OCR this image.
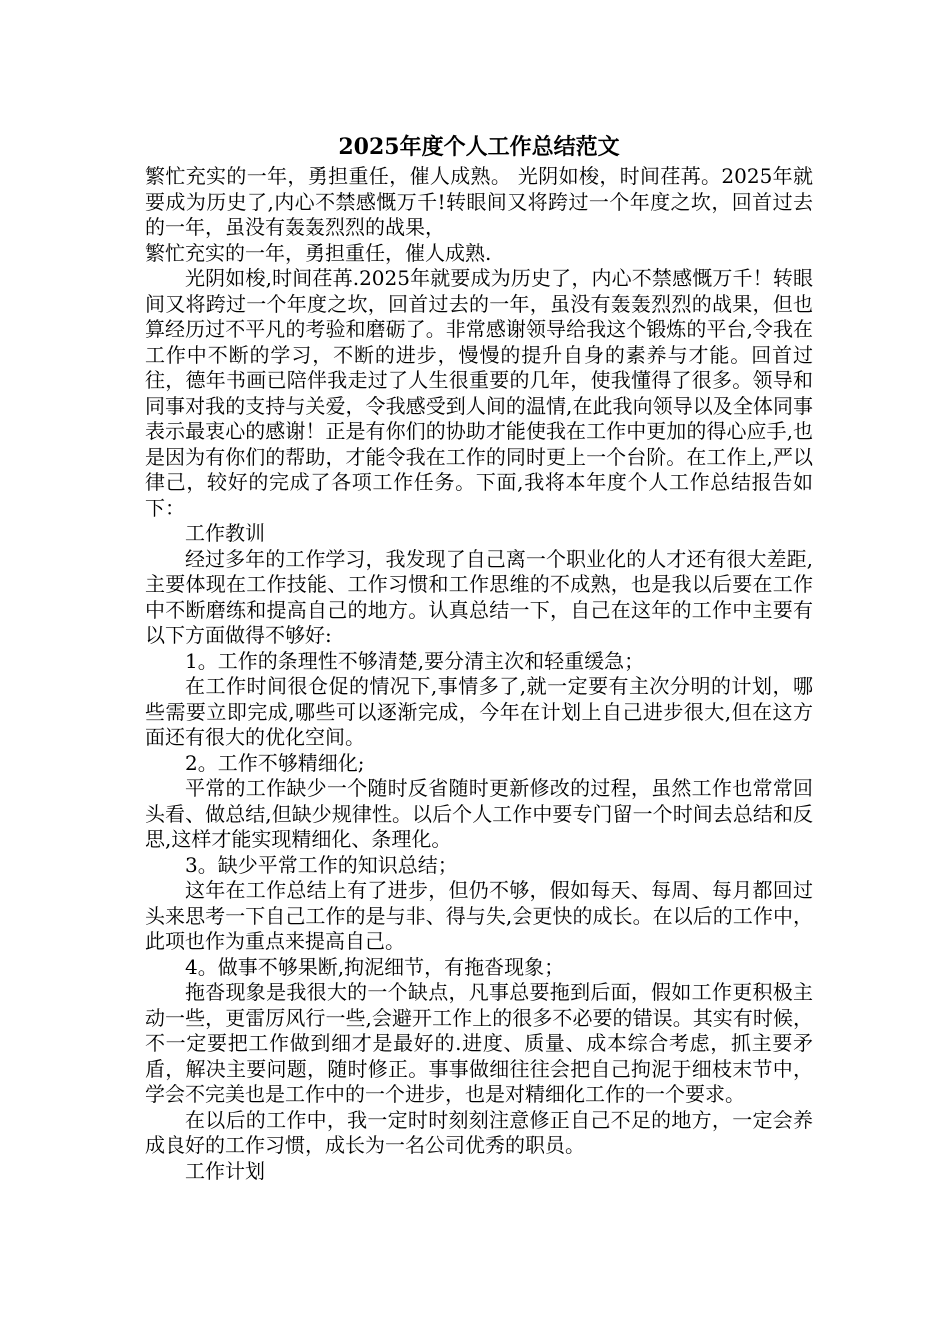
2025年度个人工作总结范文

繁忙充实的一年，勇担重任，催人成熟。 光阴如梭，时间荏苒。2025年就要成为历史了,内心不禁感慨万千!转眼间又将跨过一个年度之坎，回首过去的一年，虽没有轰轰烈烈的战果，

繁忙充实的一年，勇担重任，催人成熟.

光阴如梭,时间荏苒.2025年就要成为历史了，内心不禁感慨万千！转眼间又将跨过一个年度之坎，回首过去的一年，虽没有轰轰烈烈的战果，但也算经历过不平凡的考验和磨砺了。非常感谢领导给我这个锻炼的平台,令我在工作中不断的学习，不断的进步，慢慢的提升自身的素养与才能。回首过往，德年书画已陪伴我走过了人生很重要的几年，使我懂得了很多。领导和同事对我的支持与关爱，令我感受到人间的温情,在此我向领导以及全体同事表示最衷心的感谢！正是有你们的协助才能使我在工作中更加的得心应手,也是因为有你们的帮助，才能令我在工作的同时更上一个台阶。在工作上,严以律己，较好的完成了各项工作任务。下面,我将本年度个人工作总结报告如下：

工作教训

经过多年的工作学习，我发现了自己离一个职业化的人才还有很大差距,主要体现在工作技能、工作习惯和工作思维的不成熟，也是我以后要在工作中不断磨练和提高自己的地方。认真总结一下，自己在这年的工作中主要有以下方面做得不够好:

1。工作的条理性不够清楚,要分清主次和轻重缓急；

在工作时间很仓促的情况下,事情多了,就一定要有主次分明的计划，哪些需要立即完成,哪些可以逐渐完成，今年在计划上自己进步很大,但在这方面还有很大的优化空间。

2。工作不够精细化;

平常的工作缺少一个随时反省随时更新修改的过程，虽然工作也常常回头看、做总结,但缺少规律性。以后个人工作中要专门留一个时间去总结和反思,这样才能实现精细化、条理化。

3。缺少平常工作的知识总结；

这年在工作总结上有了进步，但仍不够，假如每天、每周、每月都回过头来思考一下自己工作的是与非、得与失,会更快的成长。在以后的工作中，此项也作为重点来提高自己。

4。做事不够果断,拘泥细节，有拖沓现象；

拖沓现象是我很大的一个缺点，凡事总要拖到后面，假如工作更积极主动一些，更雷厉风行一些,会避开工作上的很多不必要的错误。其实有时候，不一定要把工作做到细才是最好的.进度、质量、成本综合考虑，抓主要矛盾，解决主要问题，随时修正。事事做细往往会把自己拘泥于细枝末节中，学会不完美也是工作中的一个进步，也是对精细化工作的一个要求。

在以后的工作中，我一定时时刻刻注意修正自己不足的地方，一定会养成良好的工作习惯，成长为一名公司优秀的职员。

工作计划
